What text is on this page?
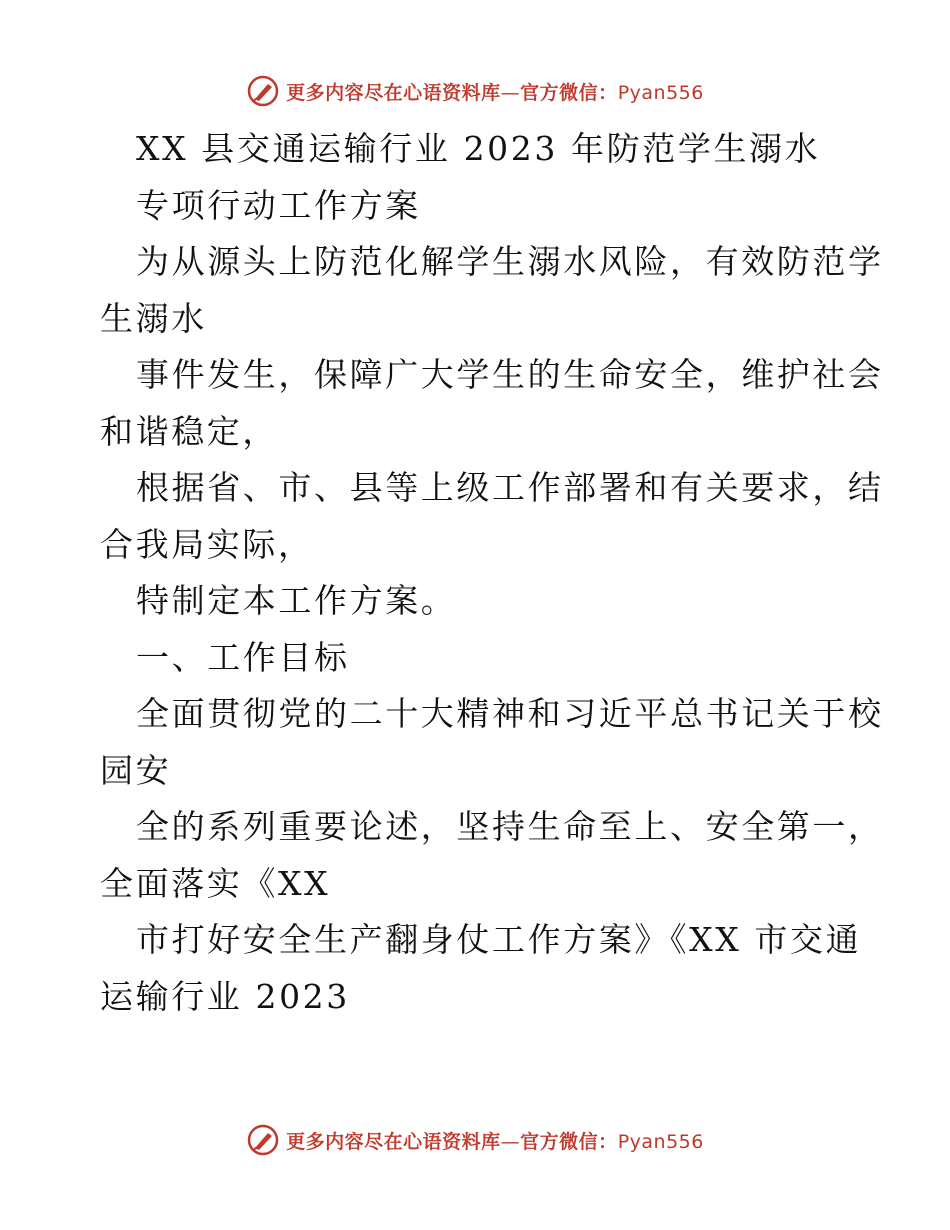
更多内容尽在心语资料库—官方微信：Pyan556
XX 县交通运输行业 2023 年防范学生溺水
专项行动工作方案
为从源头上防范化解学生溺水风险，有效防范学
生溺水
事件发生，保障广大学生的生命安全，维护社会
和谐稳定，
根据省、市、县等上级工作部署和有关要求，结
合我局实际，
特制定本工作方案。
一、工作目标
全面贯彻党的二十大精神和习近平总书记关于校
园安
全的系列重要论述，坚持生命至上、安全第一，
全面落实《XX
市打好安全生产翻身仗工作方案》《XX 市交通
运输行业 2023
更多内容尽在心语资料库—官方微信：Pyan556
